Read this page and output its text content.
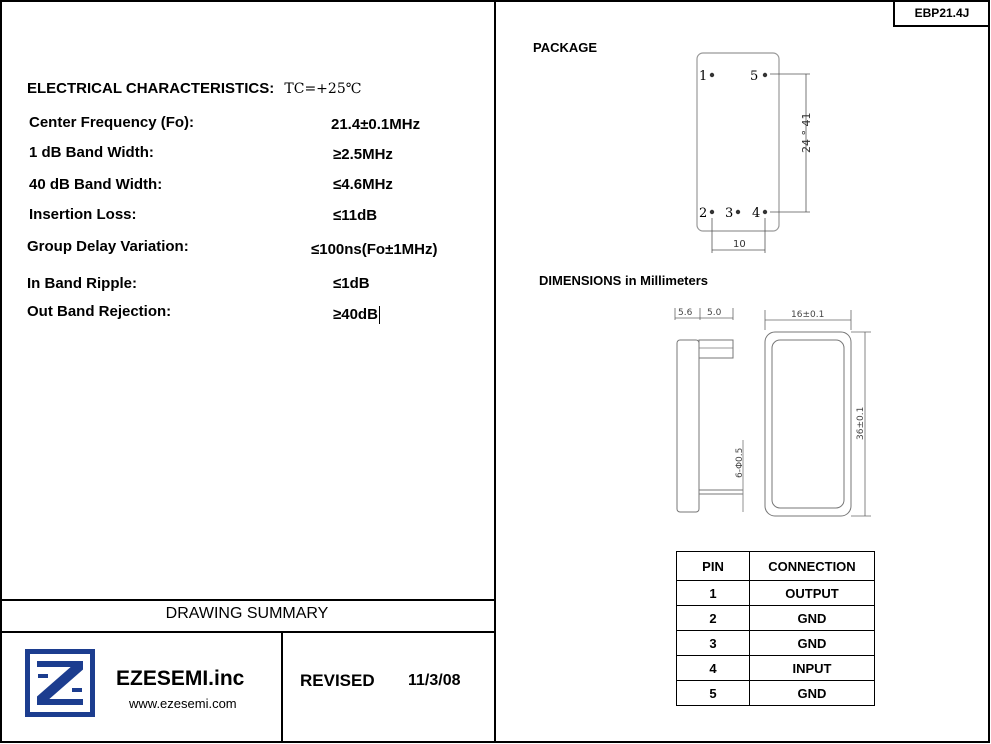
EBP21.4J
ELECTRICAL CHARACTERISTICS: TC=+25℃
Center Frequency (Fo):	21.4±0.1MHz
1 dB Band Width:	≥2.5MHz
40 dB Band Width:	≤4.6MHz
Insertion Loss:	≤11dB
Group Delay Variation:	≤100ns(Fo±1MHz)
In Band Ripple:	≤1dB
Out Band Rejection:	≥40dB
PACKAGE
1	5
2 3 4
24 ° 41
10
DIMENSIONS in Millimeters
5.6 5.0
6-Φ0.5
16±0.1
36±0.1
PIN	CONNECTION
1	OUTPUT
2	GND
3	GND
4	INPUT
5	GND
DRAWING SUMMARY
EZESEMI.inc
www.ezesemi.com
REVISED 11/3/08
